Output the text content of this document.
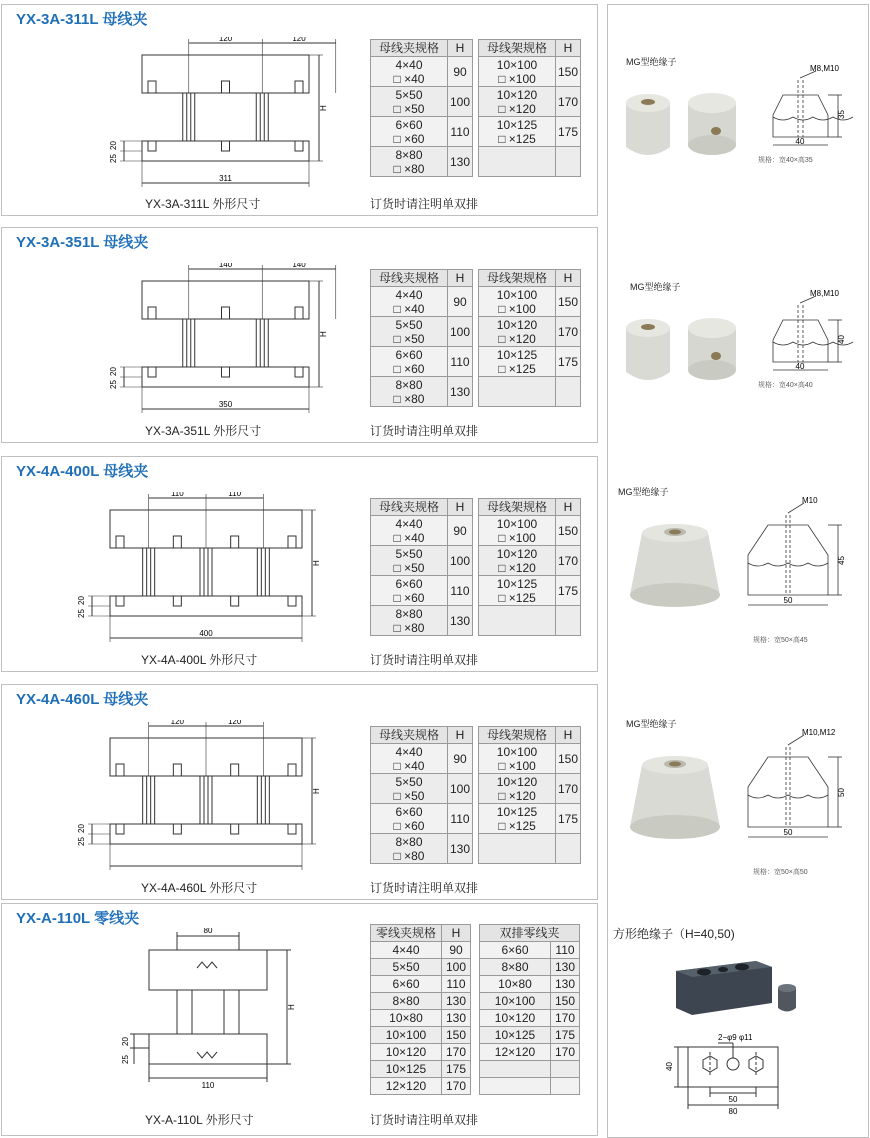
YX-3A-311L 母线夹
120	120
311
H
20
25
YX-3A-311L 外形尺寸	订货时请注明单双排
母线夹规格	H

4×40
□ ×40	90

5×50
□ ×50	100

6×60
□ ×60	110

8×80
□ ×80	130
母线架规格	H

10×100
□ ×100	150

10×120
□ ×120	170

10×125
□ ×125	175

YX-3A-351L 母线夹
140	140
350
H
20
25
YX-3A-351L 外形尺寸	订货时请注明单双排
母线夹规格	H

4×40
□ ×40	90

5×50
□ ×50	100

6×60
□ ×60	110

8×80
□ ×80	130
母线架规格	H

10×100
□ ×100	150

10×120
□ ×120	170

10×125
□ ×125	175

YX-4A-400L 母线夹
110	110
400
H
20
25
YX-4A-400L 外形尺寸	订货时请注明单双排
母线夹规格	H

4×40
□ ×40	90

5×50
□ ×50	100

6×60
□ ×60	110

8×80
□ ×80	130
母线架规格	H

10×100
□ ×100	150

10×120
□ ×120	170

10×125
□ ×125	175

YX-4A-460L 母线夹
120	120
H
20
25
YX-4A-460L 外形尺寸	订货时请注明单双排
母线夹规格	H

4×40
□ ×40	90

5×50
□ ×50	100

6×60
□ ×60	110

8×80
□ ×80	130
母线架规格	H

10×100
□ ×100	150

10×120
□ ×120	170

10×125
□ ×125	175

YX-A-110L 零线夹
80
110
H
20
25
YX-A-110L 外形尺寸	订货时请注明单双排
零线夹规格	H
4×40	90
5×50	100
6×60	110
8×80	130
10×80	130
10×100	150
10×120	170
10×125	175
12×120	170
双排零线夹	
6×60	110
8×80	130
10×80	130
10×100	150
10×120	170
10×125	175
12×120	170

MG型绝缘子
M8,M10
40
35
规格：宽40×高35
MG型绝缘子
M8,M10
40
40
规格：宽40×高40
MG型绝缘子
M10
50
45
规格：宽50×高45
MG型绝缘子
M10,M12
50
50
规格：宽50×高50
方形绝缘子（H=40,50)
2−φ9 φ11
40
50
80
